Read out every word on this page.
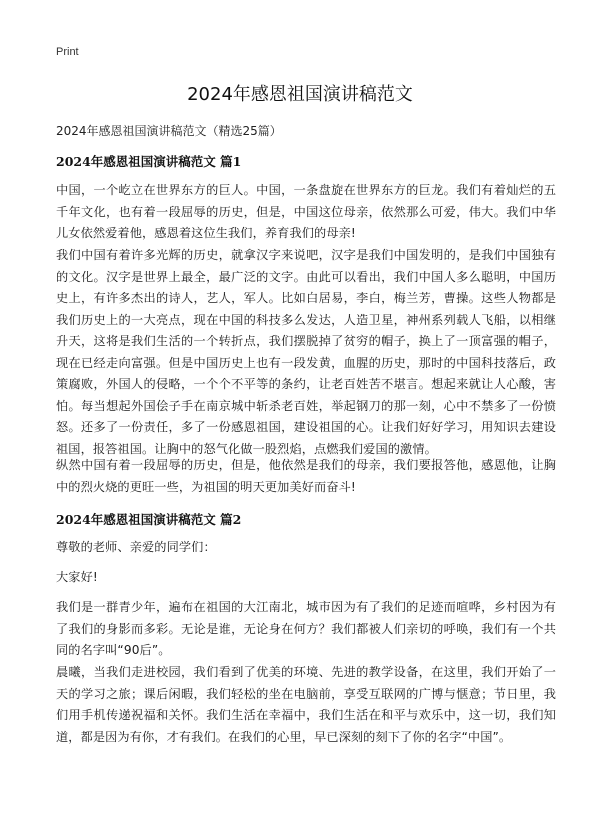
Print
2024年感恩祖国演讲稿范文

2024年感恩祖国演讲稿范文（精选25篇）

2024年感恩祖国演讲稿范文 篇1

中国，一个屹立在世界东方的巨人。中国，一条盘旋在世界东方的巨龙。我们有着灿烂的五千年文化，也有着一段屈辱的历史，但是，中国这位母亲，依然那么可爱，伟大。我们中华儿女依然爱着他，感恩着这位生我们，养育我们的母亲!

我们中国有着许多光辉的历史，就拿汉字来说吧，汉字是我们中国发明的，是我们中国独有的文化。汉字是世界上最全，最广泛的文字。由此可以看出，我们中国人多么聪明，中国历史上，有许多杰出的诗人，艺人，军人。比如白居易，李白，梅兰芳，曹操。这些人物都是我们历史上的一大亮点，现在中国的科技多么发达，人造卫星，神州系列载人飞船，以相继升天，这将是我们生活的一个转折点，我们摆脱掉了贫穷的帽子，换上了一顶富强的帽子，现在已经走向富强。但是中国历史上也有一段发黄，血腥的历史，那时的中国科技落后，政策腐败，外国人的侵略，一个个不平等的条约，让老百姓苦不堪言。想起来就让人心酸，害怕。每当想起外国侩子手在南京城中斩杀老百姓，举起钢刀的那一刻，心中不禁多了一份愤怒。还多了一份责任，多了一份感恩祖国，建设祖国的心。让我们好好学习，用知识去建设祖国，报答祖国。让胸中的怒气化做一股烈焰，点燃我们爱国的激情。

纵然中国有着一段屈辱的历史，但是，他依然是我们的母亲，我们要报答他，感恩他，让胸中的烈火烧的更旺一些，为祖国的明天更加美好而奋斗!

2024年感恩祖国演讲稿范文 篇2

尊敬的老师、亲爱的同学们：

大家好!

我们是一群青少年，遍布在祖国的大江南北，城市因为有了我们的足迹而喧哗，乡村因为有了我们的身影而多彩。无论是谁，无论身在何方？我们都被人们亲切的呼唤，我们有一个共同的名字叫“90后”。

晨曦，当我们走进校园，我们看到了优美的环境、先进的教学设备，在这里，我们开始了一天的学习之旅；课后闲暇，我们轻松的坐在电脑前，享受互联网的广博与惬意；节日里，我们用手机传递祝福和关怀。我们生活在幸福中，我们生活在和平与欢乐中，这一切，我们知道，都是因为有你，才有我们。在我们的心里，早已深刻的刻下了你的名字“中国”。
